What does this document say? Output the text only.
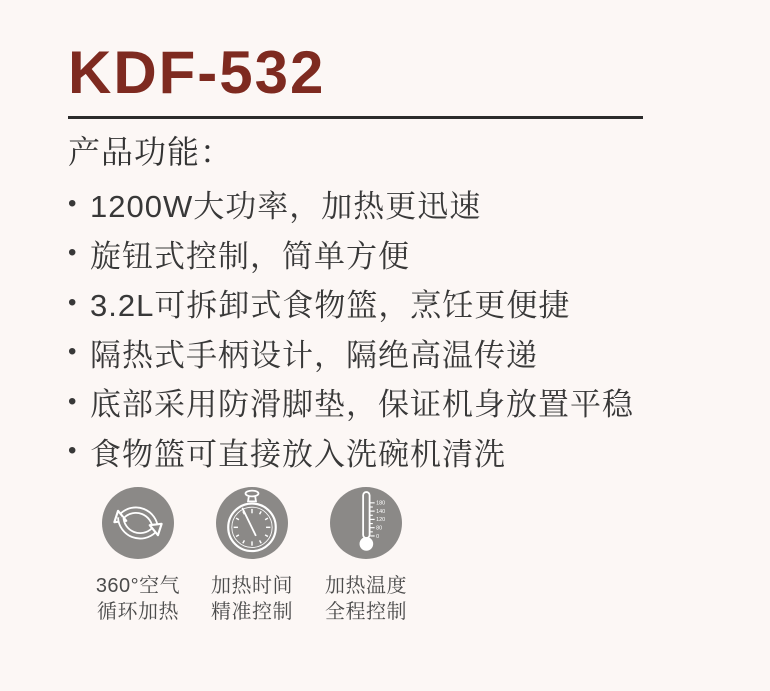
KDF-532
产品功能：
• 1200W大功率，加热更迅速
• 旋钮式控制，简单方便
• 3.2L可拆卸式食物篮，烹饪更便捷
• 隔热式手柄设计，隔绝高温传递
• 底部采用防滑脚垫，保证机身放置平稳
• 食物篮可直接放入洗碗机清洗
360°空气
循环加热
加热时间
精准控制
180
140
120
80
0
加热温度
全程控制
